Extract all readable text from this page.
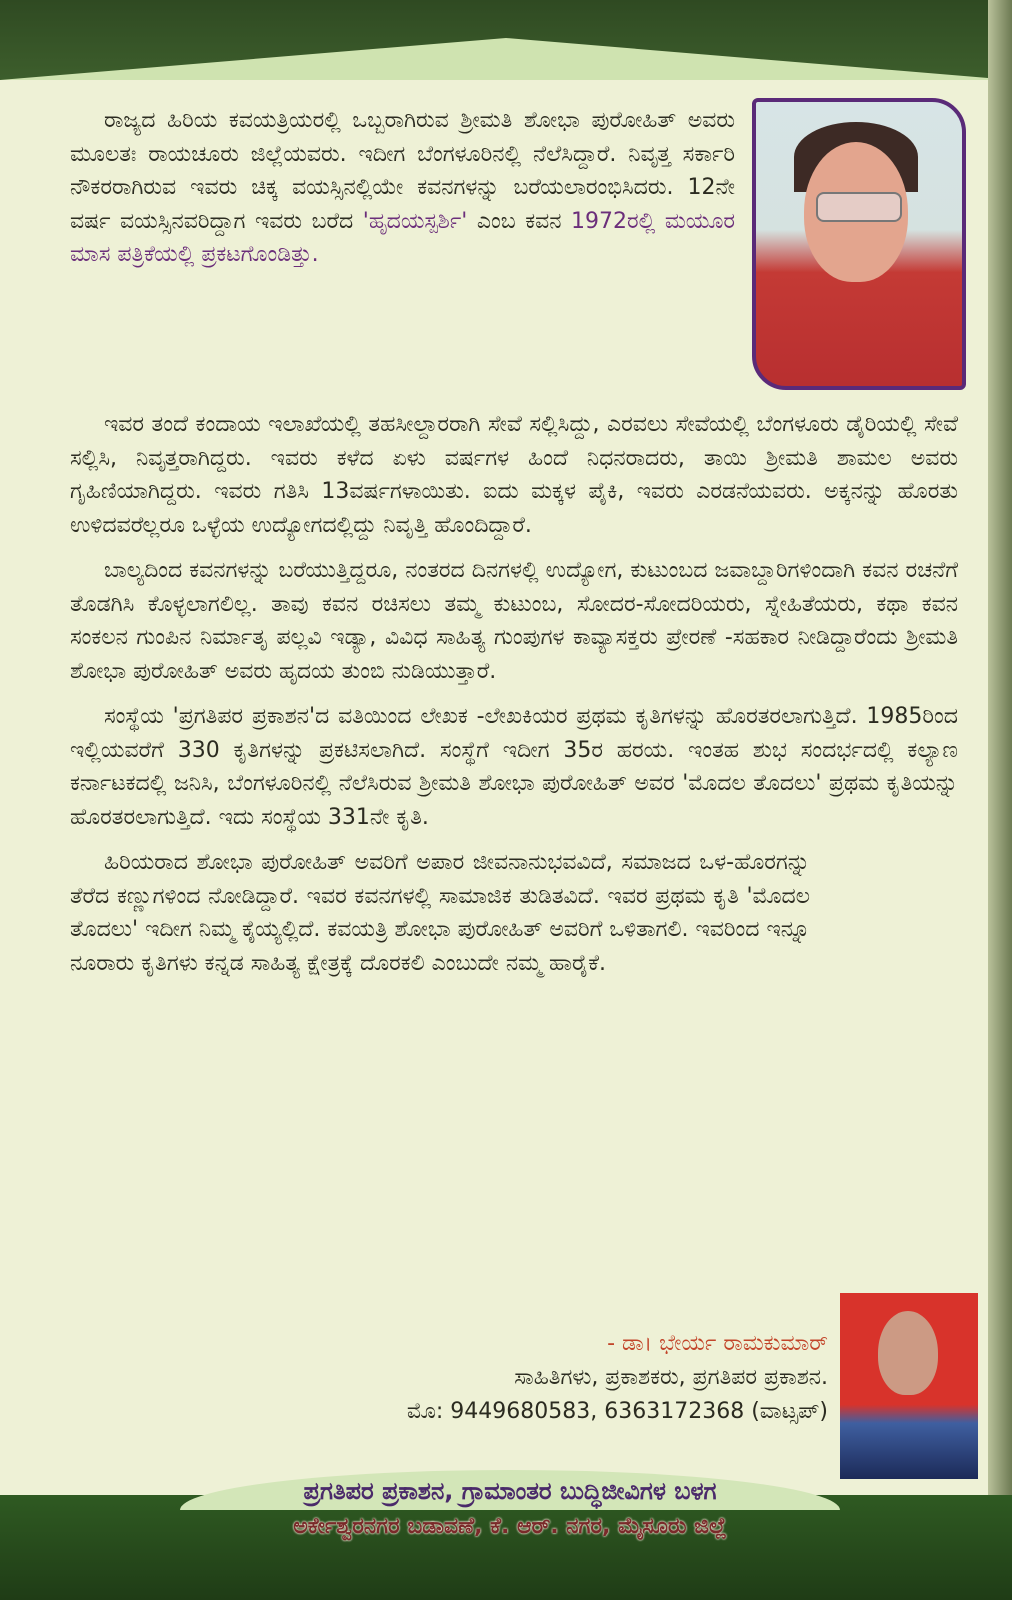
ರಾಜ್ಯದ ಹಿರಿಯ ಕವಯತ್ರಿಯರಲ್ಲಿ ಒಬ್ಬರಾಗಿರುವ ಶ್ರೀಮತಿ ಶೋಭಾ ಪುರೋಹಿತ್ ಅವರು ಮೂಲತಃ ರಾಯಚೂರು ಜಿಲ್ಲೆಯವರು. ಇದೀಗ ಬೆಂಗಳೂರಿನಲ್ಲಿ ನೆಲೆಸಿದ್ದಾರೆ. ನಿವೃತ್ತ ಸರ್ಕಾರಿ ನೌಕರರಾಗಿರುವ ಇವರು ಚಿಕ್ಕ ವಯಸ್ಸಿನಲ್ಲಿಯೇ ಕವನಗಳನ್ನು ಬರೆಯಲಾರಂಭಿಸಿದರು. 12ನೇ ವರ್ಷ ವಯಸ್ಸಿನವರಿದ್ದಾಗ ಇವರು ಬರೆದ 'ಹೃದಯಸ್ಪರ್ಶಿ' ಎಂಬ ಕವನ 1972ರಲ್ಲಿ ಮಯೂರ ಮಾಸ ಪತ್ರಿಕೆಯಲ್ಲಿ ಪ್ರಕಟಗೊಂಡಿತ್ತು.

ಇವರ ತಂದೆ ಕಂದಾಯ ಇಲಾಖೆಯಲ್ಲಿ ತಹಸೀಲ್ದಾರರಾಗಿ ಸೇವೆ ಸಲ್ಲಿಸಿದ್ದು, ಎರವಲು ಸೇವೆಯಲ್ಲಿ ಬೆಂಗಳೂರು ಡೈರಿಯಲ್ಲಿ ಸೇವೆ ಸಲ್ಲಿಸಿ, ನಿವೃತ್ತರಾಗಿದ್ದರು. ಇವರು ಕಳೆದ ಏಳು ವರ್ಷಗಳ ಹಿಂದೆ ನಿಧನರಾದರು, ತಾಯಿ ಶ್ರೀಮತಿ ಶಾಮಲ ಅವರು ಗೃಹಿಣಿಯಾಗಿದ್ದರು. ಇವರು ಗತಿಸಿ 13ವರ್ಷಗಳಾಯಿತು. ಐದು ಮಕ್ಕಳ ಪೈಕಿ, ಇವರು ಎರಡನೆಯವರು. ಅಕ್ಕನನ್ನು ಹೊರತು ಉಳಿದವರೆಲ್ಲರೂ ಒಳ್ಳೆಯ ಉದ್ಯೋಗದಲ್ಲಿದ್ದು ನಿವೃತ್ತಿ ಹೊಂದಿದ್ದಾರೆ.

ಬಾಲ್ಯದಿಂದ ಕವನಗಳನ್ನು ಬರೆಯುತ್ತಿದ್ದರೂ, ನಂತರದ ದಿನಗಳಲ್ಲಿ ಉದ್ಯೋಗ, ಕುಟುಂಬದ ಜವಾಬ್ದಾರಿಗಳಿಂದಾಗಿ ಕವನ ರಚನೆಗೆ ತೊಡಗಿಸಿ ಕೊಳ್ಳಲಾಗಲಿಲ್ಲ. ತಾವು ಕವನ ರಚಿಸಲು ತಮ್ಮ ಕುಟುಂಬ, ಸೋದರ-ಸೋದರಿಯರು, ಸ್ನೇಹಿತೆಯರು, ಕಥಾ ಕವನ ಸಂಕಲನ ಗುಂಪಿನ ನಿರ್ಮಾತೃ ಪಲ್ಲವಿ ಇಡ್ಯಾ, ವಿವಿಧ ಸಾಹಿತ್ಯ ಗುಂಪುಗಳ ಕಾವ್ಯಾಸಕ್ತರು ಪ್ರೇರಣೆ -ಸಹಕಾರ ನೀಡಿದ್ದಾರೆಂದು ಶ್ರೀಮತಿ ಶೋಭಾ ಪುರೋಹಿತ್ ಅವರು ಹೃದಯ ತುಂಬಿ ನುಡಿಯುತ್ತಾರೆ.

ಸಂಸ್ಥೆಯ 'ಪ್ರಗತಿಪರ ಪ್ರಕಾಶನ'ದ ವತಿಯಿಂದ ಲೇಖಕ -ಲೇಖಕಿಯರ ಪ್ರಥಮ ಕೃತಿಗಳನ್ನು ಹೊರತರಲಾಗುತ್ತಿದೆ. 1985ರಿಂದ ಇಲ್ಲಿಯವರೆಗೆ 330 ಕೃತಿಗಳನ್ನು ಪ್ರಕಟಿಸಲಾಗಿದೆ. ಸಂಸ್ಥೆಗೆ ಇದೀಗ 35ರ ಹರಯ. ಇಂತಹ ಶುಭ ಸಂದರ್ಭದಲ್ಲಿ ಕಲ್ಯಾಣ ಕರ್ನಾಟಕದಲ್ಲಿ ಜನಿಸಿ, ಬೆಂಗಳೂರಿನಲ್ಲಿ ನೆಲೆಸಿರುವ ಶ್ರೀಮತಿ ಶೋಭಾ ಪುರೋಹಿತ್ ಅವರ 'ಮೊದಲ ತೊದಲು' ಪ್ರಥಮ ಕೃತಿಯನ್ನು ಹೊರತರಲಾಗುತ್ತಿದೆ. ಇದು ಸಂಸ್ಥೆಯ 331ನೇ ಕೃತಿ.

ಹಿರಿಯರಾದ ಶೋಭಾ ಪುರೋಹಿತ್ ಅವರಿಗೆ ಅಪಾರ ಜೀವನಾನುಭವವಿದೆ, ಸಮಾಜದ ಒಳ-ಹೊರಗನ್ನು ತೆರೆದ ಕಣ್ಣುಗಳಿಂದ ನೋಡಿದ್ದಾರೆ. ಇವರ ಕವನಗಳಲ್ಲಿ ಸಾಮಾಜಿಕ ತುಡಿತವಿದೆ. ಇವರ ಪ್ರಥಮ ಕೃತಿ 'ಮೊದಲ ತೊದಲು' ಇದೀಗ ನಿಮ್ಮ ಕೈಯ್ಯಲ್ಲಿದೆ. ಕವಯತ್ರಿ ಶೋಭಾ ಪುರೋಹಿತ್ ಅವರಿಗೆ ಒಳಿತಾಗಲಿ. ಇವರಿಂದ ಇನ್ನೂ ನೂರಾರು ಕೃತಿಗಳು ಕನ್ನಡ ಸಾಹಿತ್ಯ ಕ್ಷೇತ್ರಕ್ಕೆ ದೊರಕಲಿ ಎಂಬುದೇ ನಮ್ಮ ಹಾರೈಕೆ.

- ಡಾ। ಭೇರ್ಯ ರಾಮಕುಮಾರ್
ಸಾಹಿತಿಗಳು, ಪ್ರಕಾಶಕರು, ಪ್ರಗತಿಪರ ಪ್ರಕಾಶನ.
ಮೊ: 9449680583, 6363172368 (ವಾಟ್ಸಪ್)
ಪ್ರಗತಿಪರ ಪ್ರಕಾಶನ, ಗ್ರಾಮಾಂತರ ಬುದ್ಧಿಜೀವಿಗಳ ಬಳಗ
ಅರ್ಕೇಶ್ವರನಗರ ಬಡಾವಣೆ, ಕೆ. ಆರ್. ನಗರ, ಮೈಸೂರು ಜಿಲ್ಲೆ
